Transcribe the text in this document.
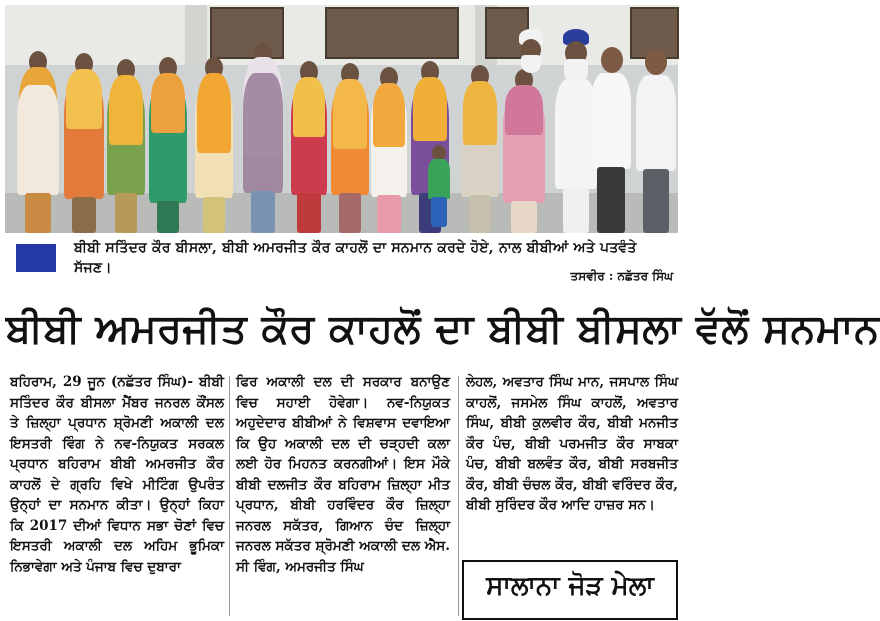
ਬੀਬੀ ਸਤਿੰਦਰ ਕੌਰ ਬੀਸਲਾ, ਬੀਬੀ ਅਮਰਜੀਤ ਕੌਰ ਕਾਹਲੋਂ ਦਾ ਸਨਮਾਨ ਕਰਦੇ ਹੋਏ, ਨਾਲ ਬੀਬੀਆਂ ਅਤੇ ਪਤਵੰਤੇ ਸੱਜਣ।	ਤਸਵੀਰ : ਨਛੱਤਰ ਸਿੰਘ
ਬੀਬੀ ਅਮਰਜੀਤ ਕੌਰ ਕਾਹਲੋਂ ਦਾ ਬੀਬੀ ਬੀਸਲਾ ਵੱਲੋਂ ਸਨਮਾਨ
ਬਹਿਰਾਮ, 29 ਜੂਨ (ਨਛੱਤਰ ਸਿੰਘ)- ਬੀਬੀ ਸਤਿੰਦਰ ਕੌਰ ਬੀਸਲਾ ਮੈਂਬਰ ਜਨਰਲ ਕੌਂਸਲ ਤੇ ਜ਼ਿਲ੍ਹਾ ਪ੍ਰਧਾਨ ਸ਼੍ਰੋਮਣੀ ਅਕਾਲੀ ਦਲ ਇਸਤਰੀ ਵਿੰਗ ਨੇ ਨਵ-ਨਿਯੁਕਤ ਸਰਕਲ ਪ੍ਰਧਾਨ ਬਹਿਰਾਮ ਬੀਬੀ ਅਮਰਜੀਤ ਕੌਰ ਕਾਹਲੋਂ ਦੇ ਗ੍ਰਹਿ ਵਿਖੇ ਮੀਟਿੰਗ ਉਪਰੰਤ ਉਨ੍ਹਾਂ ਦਾ ਸਨਮਾਨ ਕੀਤਾ। ਉਨ੍ਹਾਂ ਕਿਹਾ ਕਿ 2017 ਦੀਆਂ ਵਿਧਾਨ ਸਭਾ ਚੋਣਾਂ ਵਿਚ ਇਸਤਰੀ ਅਕਾਲੀ ਦਲ ਅਹਿਮ ਭੂਮਿਕਾ ਨਿਭਾਵੇਗਾ ਅਤੇ ਪੰਜਾਬ ਵਿਚ ਦੁਬਾਰਾ
ਫਿਰ ਅਕਾਲੀ ਦਲ ਦੀ ਸਰਕਾਰ ਬਨਾਉਣ ਵਿਚ ਸਹਾਈ ਹੋਵੇਗਾ। ਨਵ-ਨਿਯੁਕਤ ਅਹੁਦੇਦਾਰ ਬੀਬੀਆਂ ਨੇ ਵਿਸ਼ਵਾਸ ਦਵਾਇਆ ਕਿ ਉਹ ਅਕਾਲੀ ਦਲ ਦੀ ਚੜ੍ਹਦੀ ਕਲਾ ਲਈ ਹੋਰ ਮਿਹਨਤ ਕਰਨਗੀਆਂ। ਇਸ ਮੌਕੇ ਬੀਬੀ ਦਲਜੀਤ ਕੌਰ ਬਹਿਰਾਮ ਜ਼ਿਲ੍ਹਾ ਮੀਤ ਪ੍ਰਧਾਨ, ਬੀਬੀ ਹਰਵਿੰਦਰ ਕੌਰ ਜ਼ਿਲ੍ਹਾ ਜਨਰਲ ਸਕੱਤਰ, ਗਿਆਨ ਚੰਦ ਜ਼ਿਲ੍ਹਾ ਜਨਰਲ ਸਕੱਤਰ ਸ਼੍ਰੋਮਣੀ ਅਕਾਲੀ ਦਲ ਐਸ. ਸੀ ਵਿੰਗ, ਅਮਰਜੀਤ ਸਿੰਘ
ਲੇਹਲ, ਅਵਤਾਰ ਸਿੰਘ ਮਾਨ, ਜਸਪਾਲ ਸਿੰਘ ਕਾਹਲੋਂ, ਜਸਮੇਲ ਸਿੰਘ ਕਾਹਲੋਂ, ਅਵਤਾਰ ਸਿੰਘ, ਬੀਬੀ ਕੁਲਵੀਰ ਕੌਰ, ਬੀਬੀ ਮਨਜੀਤ ਕੌਰ ਪੰਚ, ਬੀਬੀ ਪਰਮਜੀਤ ਕੌਰ ਸਾਬਕਾ ਪੰਚ, ਬੀਬੀ ਬਲਵੰਤ ਕੌਰ, ਬੀਬੀ ਸਰਬਜੀਤ ਕੌਰ, ਬੀਬੀ ਚੰਚਲ ਕੌਰ, ਬੀਬੀ ਵਰਿੰਦਰ ਕੌਰ, ਬੀਬੀ ਸੁਰਿੰਦਰ ਕੌਰ ਆਦਿ ਹਾਜ਼ਰ ਸਨ।
ਸਾਲਾਨਾ ਜੋੜ ਮੇਲਾ
